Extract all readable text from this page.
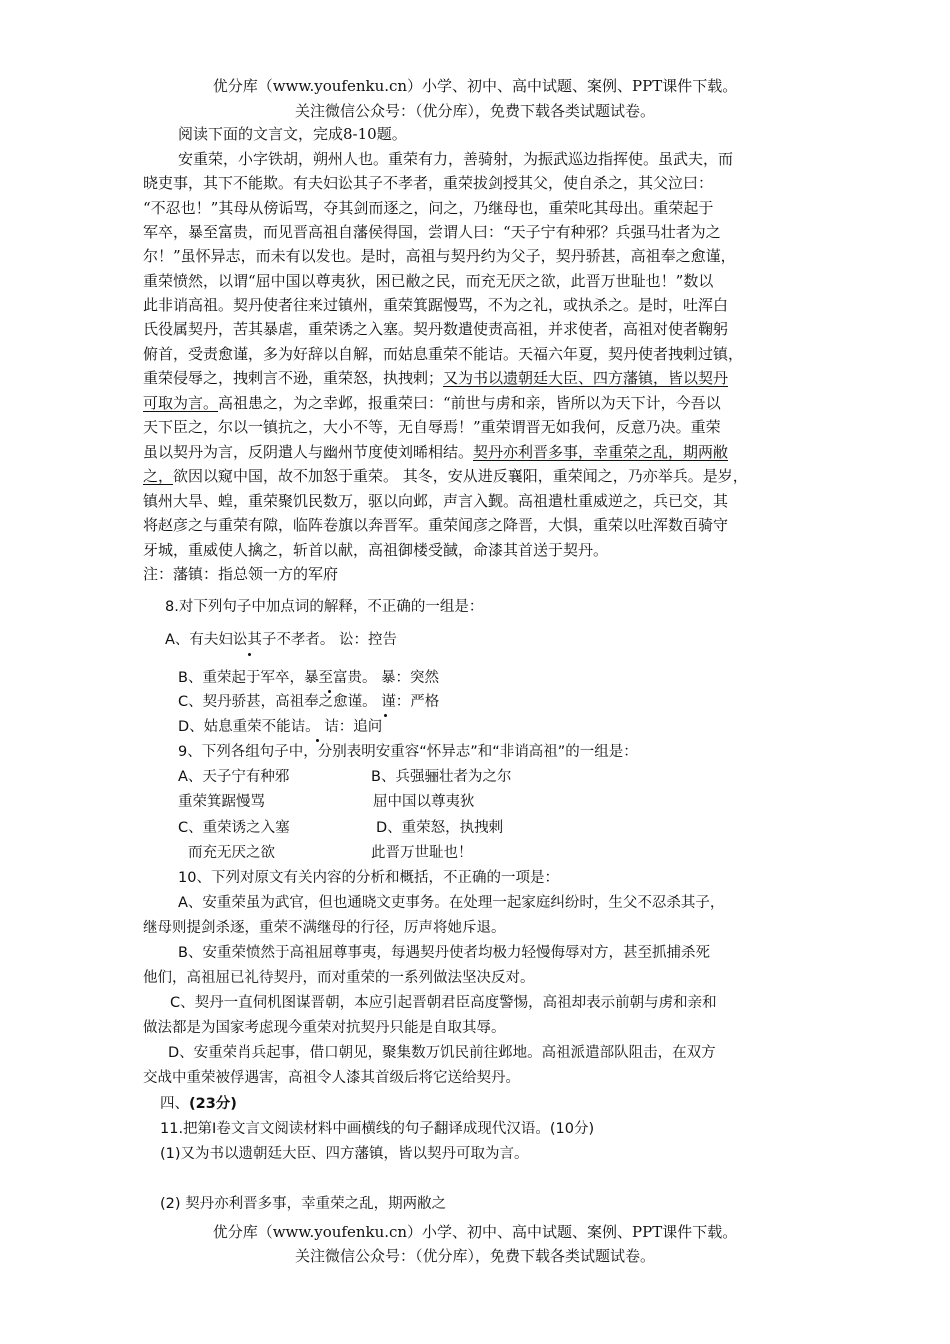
优分库（www.youfenku.cn）小学、初中、高中试题、案例、PPT课件下载。
关注微信公众号：（优分库），免费下载各类试题试卷。
阅读下面的文言文，完成8-10题。
安重荣，小字铁胡，朔州人也。重荣有力，善骑射，为振武巡边指挥使。虽武夫，而
晓吏事，其下不能欺。有夫妇讼其子不孝者，重荣拔剑授其父，使自杀之，其父泣曰：
“不忍也！”其母从傍诟骂，夺其剑而逐之，问之，乃继母也，重荣叱其母出。重荣起于
军卒，暴至富贵，而见晋高祖自藩侯得国，尝谓人曰：“天子宁有种邪？兵强马壮者为之
尔！”虽怀异志，而未有以发也。是时，高祖与契丹约为父子，契丹骄甚，高祖奉之愈谨，
重荣愤然，以谓“屈中国以尊夷狄，困已敝之民，而充无厌之欲，此晋万世耻也！”数以
此非诮高祖。契丹使者往来过镇州，重荣箕踞慢骂，不为之礼，或执杀之。是时，吐浑白
氏役属契丹，苦其暴虐，重荣诱之入塞。契丹数遣使责高祖，并求使者，高祖对使者鞠躬
俯首，受责愈谨，多为好辞以自解，而姑息重荣不能诘。天福六年夏，契丹使者拽剌过镇，
重荣侵辱之，拽剌言不逊，重荣怒，执拽剌；又为书以遗朝廷大臣、四方藩镇，皆以契丹
可取为言。高祖患之，为之幸邺，报重荣曰：“前世与虏和亲，皆所以为天下计，今吾以
天下臣之，尔以一镇抗之，大小不等，无自辱焉！”重荣谓晋无如我何，反意乃决。重荣
虽以契丹为言，反阴遣人与幽州节度使刘晞相结。契丹亦利晋多事，幸重荣之乱，期两敝
之，欲因以窥中国，故不加怒于重荣。 其冬，安从进反襄阳，重荣闻之，乃亦举兵。是岁，
镇州大旱、蝗，重荣聚饥民数万，驱以向邺，声言入觐。高祖遣杜重威逆之，兵已交，其
将赵彦之与重荣有隙，临阵卷旗以奔晋军。重荣闻彦之降晋，大惧，重荣以吐浑数百骑守
牙城，重威使人擒之，斩首以献，高祖御楼受馘，命漆其首送于契丹。
注：藩镇：指总领一方的军府
8.对下列句子中加点词的解释，不正确的一组是：
A、有夫妇讼其子不孝者。 讼：控告
B、重荣起于军卒，暴至富贵。 暴：突然
C、契丹骄甚，高祖奉之愈谨。 谨：严格
D、姑息重荣不能诘。 诘：追问
9、下列各组句子中，分别表明安重容“怀异志”和“非诮高祖”的一组是：
A、天子宁有种邪	B、兵强骊壮者为之尔
重荣箕踞慢骂	屈中国以尊夷狄
C、重荣诱之入塞	D、重荣怒，执拽剌
而充无厌之欲	此晋万世耻也！
10、下列对原文有关内容的分析和概括，不正确的一项是：
A、安重荣虽为武官，但也通晓文吏事务。在处理一起家庭纠纷时，生父不忍杀其子，
继母则提剑杀逐，重荣不满继母的行径，厉声将她斥退。
B、安重荣愤然于高祖屈尊事夷，每遇契丹使者均极力轻慢侮辱对方，甚至抓捕杀死
他们，高祖屈已礼待契丹，而对重荣的一系列做法坚决反对。
C、契丹一直伺机图谋晋朝，本应引起晋朝君臣高度警惕，高祖却表示前朝与虏和亲和
做法都是为国家考虑现今重荣对抗契丹只能是自取其辱。
D、安重荣肖兵起事，借口朝见，聚集数万饥民前往邺地。高祖派遣部队阻击，在双方
交战中重荣被俘遇害，高祖令人漆其首级后将它送给契丹。
四、(23分)
11.把第Ⅰ卷文言文阅读材料中画横线的句子翻译成现代汉语。(10分)
(1)又为书以遗朝廷大臣、四方藩镇，皆以契丹可取为言。
(2) 契丹亦利晋多事，幸重荣之乱，期两敝之
优分库（www.youfenku.cn）小学、初中、高中试题、案例、PPT课件下载。
关注微信公众号：（优分库），免费下载各类试题试卷。
